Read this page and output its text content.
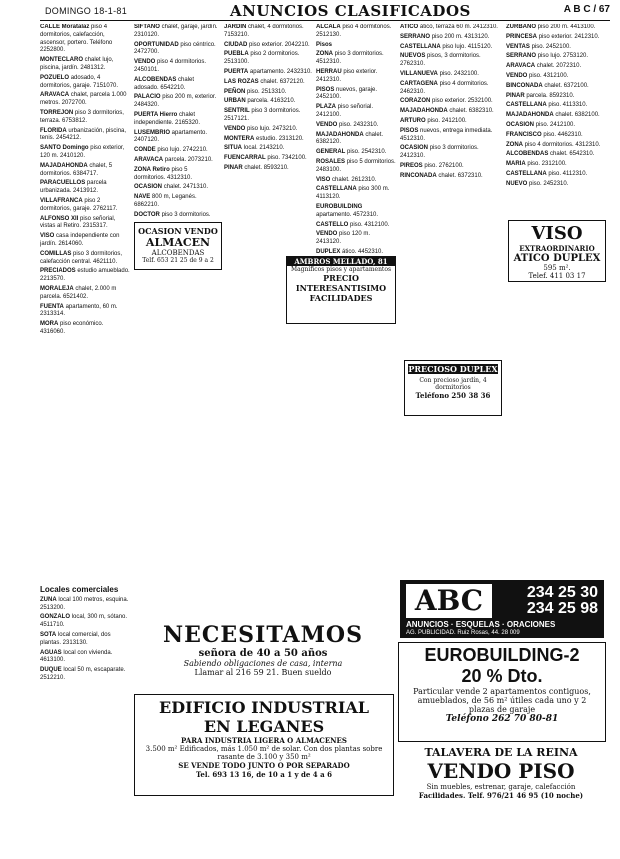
DOMINGO 18-1-81	ANUNCIOS CLASIFICADOS	A B C / 67
CALLE Moratalaz piso 4 dormitorios, calefacción, ascensor, portero. Teléfono 2252800.
MONTECLARO chalet lujo, piscina, jardín. 2481312.
POZUELO adosado, 4 dormitorios, garaje. 7151070.
ARAVACA chalet, parcela 1.000 metros. 2072700.
TORREJON piso 3 dormitorios, terraza. 6753812.
FLORIDA urbanización, piscina, tenis. 2454212.
SANTO Domingo piso exterior, 120 m. 2410120.
MAJADAHONDA chalet, 5 dormitorios. 6384717.
PARACUELLOS parcela urbanizada. 2413912.
VILLAFRANCA piso 2 dormitorios, garaje. 2762117.
ALFONSO XII piso señorial, vistas al Retiro. 2315317.
VISO casa independiente con jardín. 2614060.
COMILLAS piso 3 dormitorios, calefacción central. 4621110.
PRECIADOS estudio amueblado. 2213570.
MORALEJA chalet, 2.000 m parcela. 6521402.
FUENTA apartamento, 60 m. 2313314.
MORA piso económico. 4316060.
Locales comerciales
ZUNA local 100 metros, esquina. 2513200.
GONZALO local, 300 m, sótano. 4511710.
SOTA local comercial, dos plantas. 2313130.
AGUAS local con vivienda. 4613100.
DUQUE local 50 m, escaparate. 2512210.
SIFTANO chalet, garaje, jardín. 2310120.
OPORTUNIDAD piso céntrico. 2472700.
VENDO piso 4 dormitorios. 2450101.
ALCOBENDAS chalet adosado. 6542210.
PALACIO piso 200 m, exterior. 2484320.
PUERTA Hierro chalet independiente. 2165320.
LUSEMBRIO apartamento. 2407120.
CONDE piso lujo. 2742210.
ARAVACA parcela. 2073210.
ZONA Retiro piso 5 dormitorios. 4312310.
OCASION chalet. 2471310.
NAVE 800 m, Leganés. 6862210.
DOCTOR piso 3 dormitorios.
OCASION VENDO
ALMACEN
ALCOBENDAS
Telf. 653 21 25 de 9 a 2
JARDIN chalet, 4 dormitorios. 7153210.
CIUDAD piso exterior. 2042210.
PUEBLA piso 2 dormitorios. 2513100.
PUERTA apartamento. 2432310.
LAS ROZAS chalet. 6372120.
PEÑON piso. 2513310.
URBAN parcela. 4163210.
SENTRIL piso 3 dormitorios. 2517121.
VENDO piso lujo. 2473210.
MONTERA estudio. 2313120.
SITUA local. 2143210.
FUENCARRAL piso. 7342100.
PINAR chalet. 8593210.
ALCALA piso 4 dormitorios. 2512130.
Pisos
ZONA piso 3 dormitorios. 4512310.
HERRAU piso exterior. 2412310.
PISOS nuevos, garaje. 2452100.
PLAZA piso señorial. 2412100.
VENDO piso. 2432310.
MAJADAHONDA chalet. 6382120.
GENERAL piso. 2542310.
ROSALES piso 5 dormitorios. 2483100.
VISO chalet. 2612310.
CASTELLANA piso 300 m. 4113120.
EUROBUILDING apartamento. 4572310.
CASTELLO piso. 4312100.
VENDO piso 120 m. 2413120.
DUPLEX ático. 4452310.
AMBROS MELLADO, 81
Magníficos pisos y apartamentos
PRECIO
INTERESANTISIMO
FACILIDADES
ATICO ático, terraza 60 m. 2412310.
SERRANO piso 200 m. 4313120.
CASTELLANA piso lujo. 4115120.
NUEVOS pisos, 3 dormitorios. 2762310.
VILLANUEVA piso. 2432100.
CARTAGENA piso 4 dormitorios. 2462310.
CORAZON piso exterior. 2532100.
MAJADAHONDA chalet. 6382310.
ARTURO piso. 2412100.
PISOS nuevos, entrega inmediata. 4512310.
OCASION piso 3 dormitorios. 2412310.
PIREOS piso. 2762100.
RINCONADA chalet. 6372310.
PRECIOSO DUPLEX
Con precioso jardín, 4 dormitorios
Teléfono 250 38 36
ZURBANO piso 200 m. 4413100.
PRINCESA piso exterior. 2412310.
VENTAS piso. 2452100.
SERRANO piso lujo. 2753120.
ARAVACA chalet. 2072310.
VENDO piso. 4312100.
BINCONADA chalet. 6372100.
PINAR parcela. 8592310.
CASTELLANA piso. 4113310.
MAJADAHONDA chalet. 6382100.
OCASION piso. 2412100.
FRANCISCO piso. 4462310.
ZONA piso 4 dormitorios. 4312310.
ALCOBENDAS chalet. 6542310.
MARIA piso. 2312100.
CASTELLANA piso. 4112310.
NUEVO piso. 2452310.
VISO
EXTRAORDINARIO
ATICO DUPLEX
595 m².
Telef. 411 03 17
ABC	234 25 30
234 25 98
ANUNCIOS · ESQUELAS · ORACIONES
AG. PUBLICIDAD. Ruiz Rosas, 44. 28 009
NECESITAMOS
señora de 40 a 50 años
Sabiendo obligaciones de casa, interna
Llamar al 216 59 21. Buen sueldo
EDIFICIO INDUSTRIAL
EN LEGANES
PARA INDUSTRIA LIGERA O ALMACENES
3.500 m² Edificados, más 1.050 m² de solar. Con dos plantas sobre rasante de 3.100 y 350 m²
SE VENDE TODO JUNTO O POR SEPARADO
Tel. 693 13 16, de 10 a 1 y de 4 a 6
EUROBUILDING-2
20 % Dto.
Particular vende 2 apartamentos contiguos, amueblados, de 56 m² útiles cada uno y 2 plazas de garaje
Teléfono 262 70 80-81
TALAVERA DE LA REINA
VENDO PISO
Sin muebles, estrenar, garaje, calefacción
Facilidades. Telf. 976/21 46 95 (10 noche)
